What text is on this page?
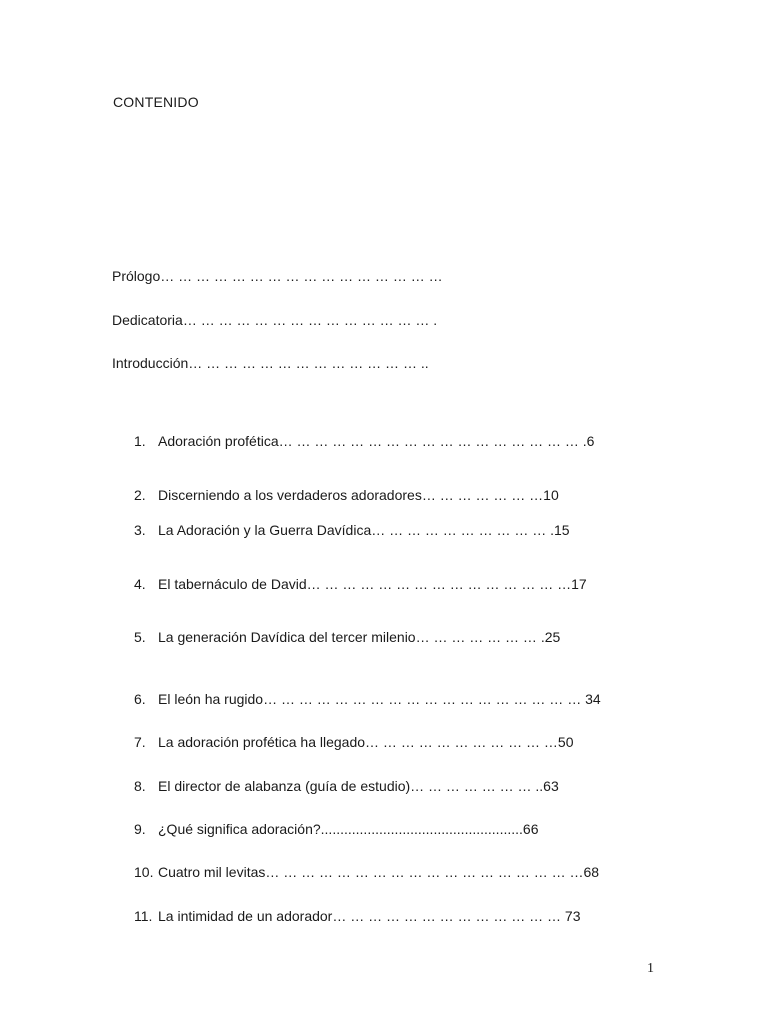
CONTENIDO
Prólogo… … … … … … … … … … … … … … … …
Dedicatoria… … … … … … … … … … … … … … .
Introducción… … … … … … … … … … … … … ..
1. Adoración profética… … … … … … … … … … … … … … … … … .6
2. Discerniendo a los verdaderos adoradores… … … … … … …10
3. La Adoración y la Guerra Davídica… … … … … … … … … … .15
4. El tabernáculo de David… … … … … … … … … … … … … … …17
5. La generación Davídica del tercer milenio… … … … … … … .25
6. El león ha rugido… … … … … … … … … … … … … … … … … … 34
7. La adoración profética ha llegado… … … … … … … … … … …50
8. El director de alabanza (guía de estudio)… … … … … … … ..63
9. ¿Qué significa adoración?....................................................66
10. Cuatro mil levitas… … … … … … … … … … … … … … … … … …68
11. La intimidad de un adorador… … … … … … … … … … … … … 73
1
